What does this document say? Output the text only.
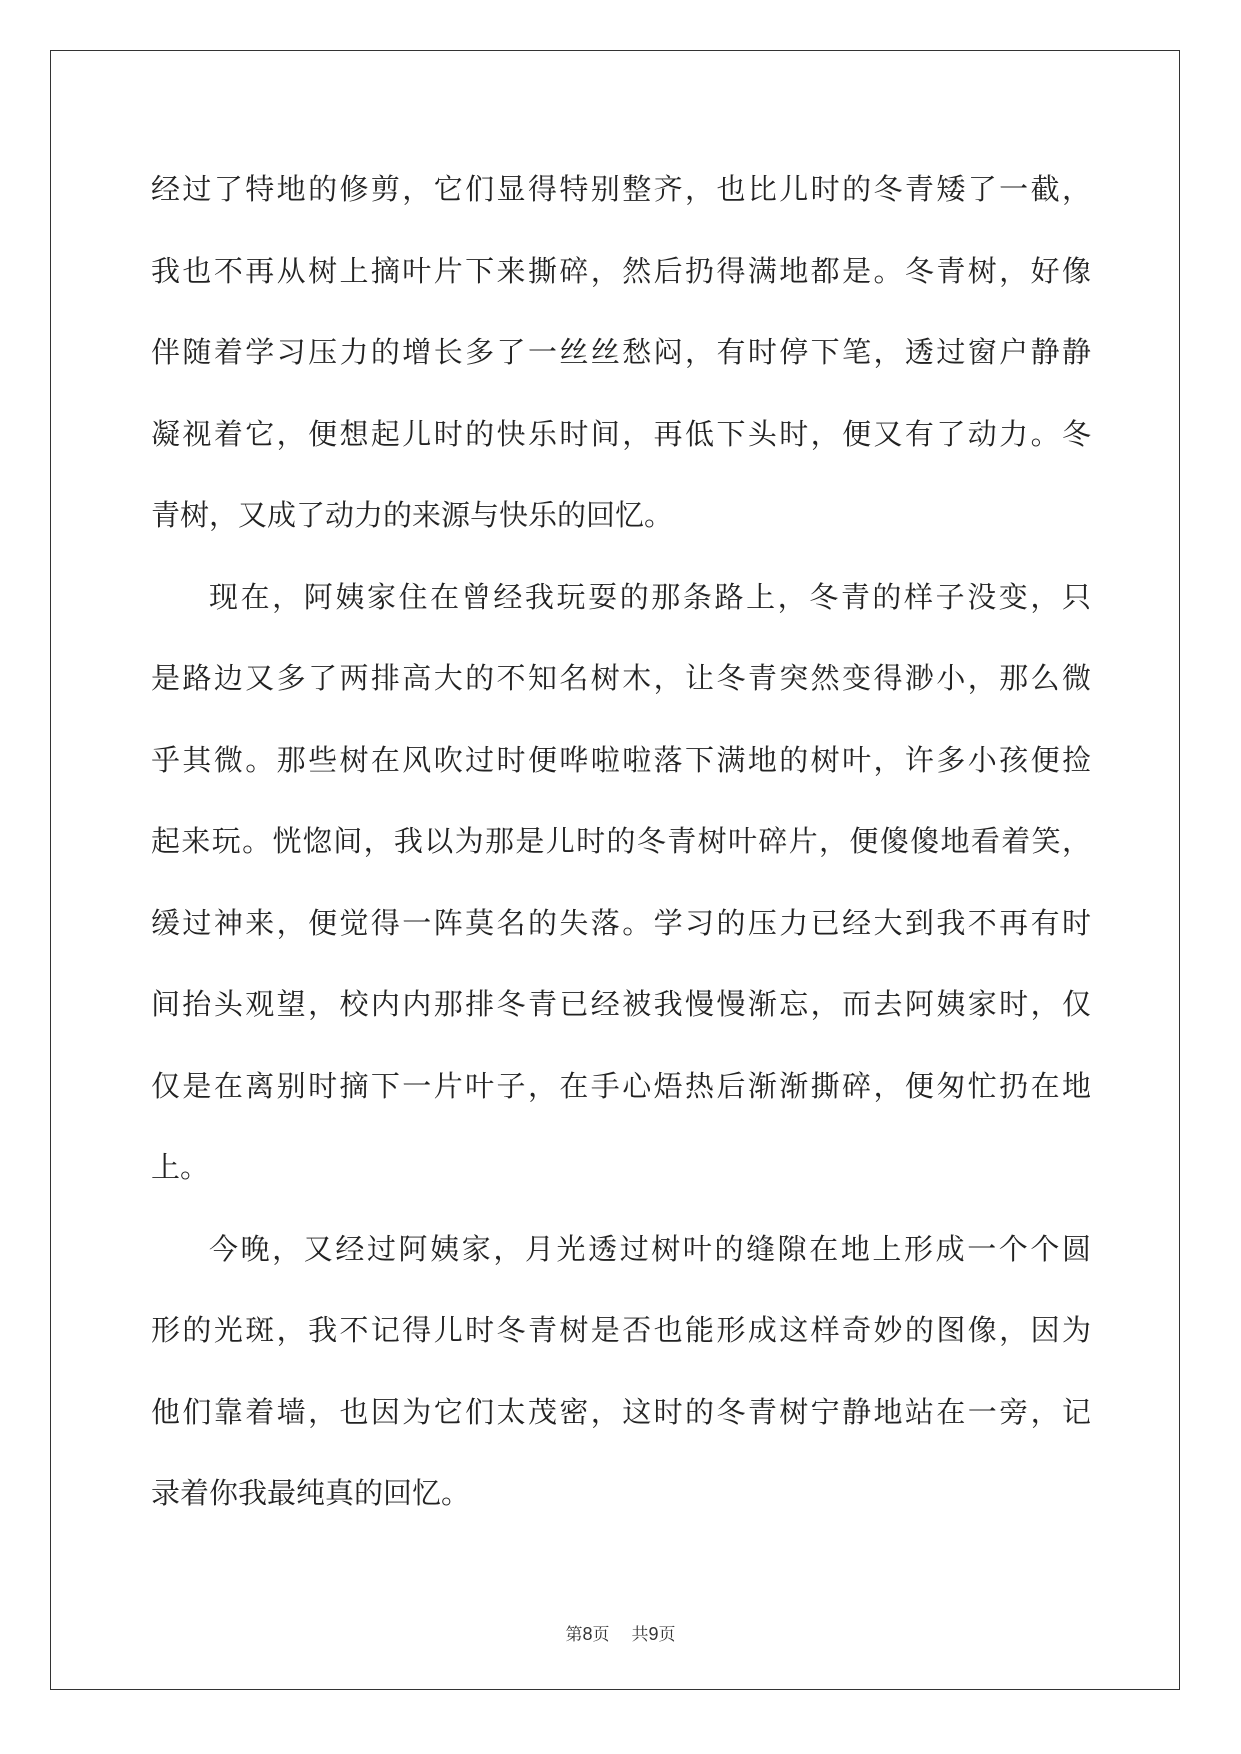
经过了特地的修剪，它们显得特别整齐，也比儿时的冬青矮了一截，

我也不再从树上摘叶片下来撕碎，然后扔得满地都是。冬青树，好像

伴随着学习压力的增长多了一丝丝愁闷，有时停下笔，透过窗户静静

凝视着它，便想起儿时的快乐时间，再低下头时，便又有了动力。冬

青树，又成了动力的来源与快乐的回忆。

现在，阿姨家住在曾经我玩耍的那条路上，冬青的样子没变，只

是路边又多了两排高大的不知名树木，让冬青突然变得渺小，那么微

乎其微。那些树在风吹过时便哗啦啦落下满地的树叶，许多小孩便捡

起来玩。恍惚间，我以为那是儿时的冬青树叶碎片，便傻傻地看着笑，

缓过神来，便觉得一阵莫名的失落。学习的压力已经大到我不再有时

间抬头观望，校内内那排冬青已经被我慢慢渐忘，而去阿姨家时，仅

仅是在离别时摘下一片叶子，在手心焐热后渐渐撕碎，便匆忙扔在地

上。

今晚，又经过阿姨家，月光透过树叶的缝隙在地上形成一个个圆

形的光斑，我不记得儿时冬青树是否也能形成这样奇妙的图像，因为

他们靠着墙，也因为它们太茂密，这时的冬青树宁静地站在一旁，记

录着你我最纯真的回忆。

第8页 共9页
